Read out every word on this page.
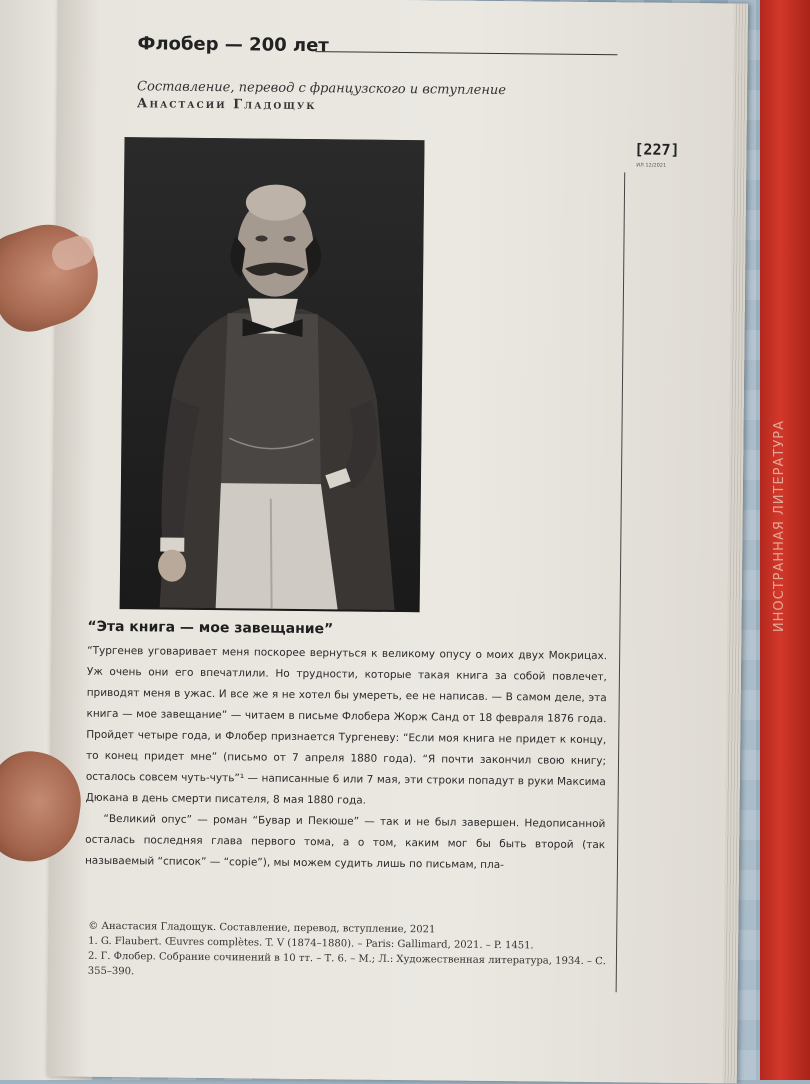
ИНОСТРАННАЯ ЛИТЕРАТУРА
Флобер — 200 лет
Составление, перевод с французского и вступление
Анастасии Гладощук
[227]
ИЛ 12/2021
“Эта книга — мое завещание”

“Тургенев уговаривает меня поскорее вернуться к великому опусу о моих двух Мокрицах. Уж очень они его впечатлили. Но трудности, которые такая книга за собой повлечет, приводят меня в ужас. И все же я не хотел бы умереть, ее не написав. — В самом деле, эта книга — мое завещание” — читаем в письме Флобера Жорж Санд от 18 февраля 1876 года. Пройдет четыре года, и Флобер признается Тургеневу: “Если моя книга не придет к концу, то конец придет мне” (письмо от 7 апреля 1880 года). “Я почти закончил свою книгу; осталось совсем чуть-чуть”¹ — написанные 6 или 7 мая, эти строки попадут в руки Максима Дюкана в день смерти писателя, 8 мая 1880 года.

“Великий опус” — роман “Бувар и Пекюше” — так и не был завершен. Недописанной осталась последняя глава первого тома, а о том, каким мог бы быть второй (так называемый “список” — “copie”), мы можем судить лишь по письмам, пла-

© Анастасия Гладощук. Составление, перевод, вступление, 2021
1. G. Flaubert. Œuvres complètes. T. V (1874–1880). – Paris: Gallimard, 2021. – P. 1451.
2. Г. Флобер. Собрание сочинений в 10 тт. – Т. 6. – М.; Л.: Художественная литература, 1934. – С. 355–390.
